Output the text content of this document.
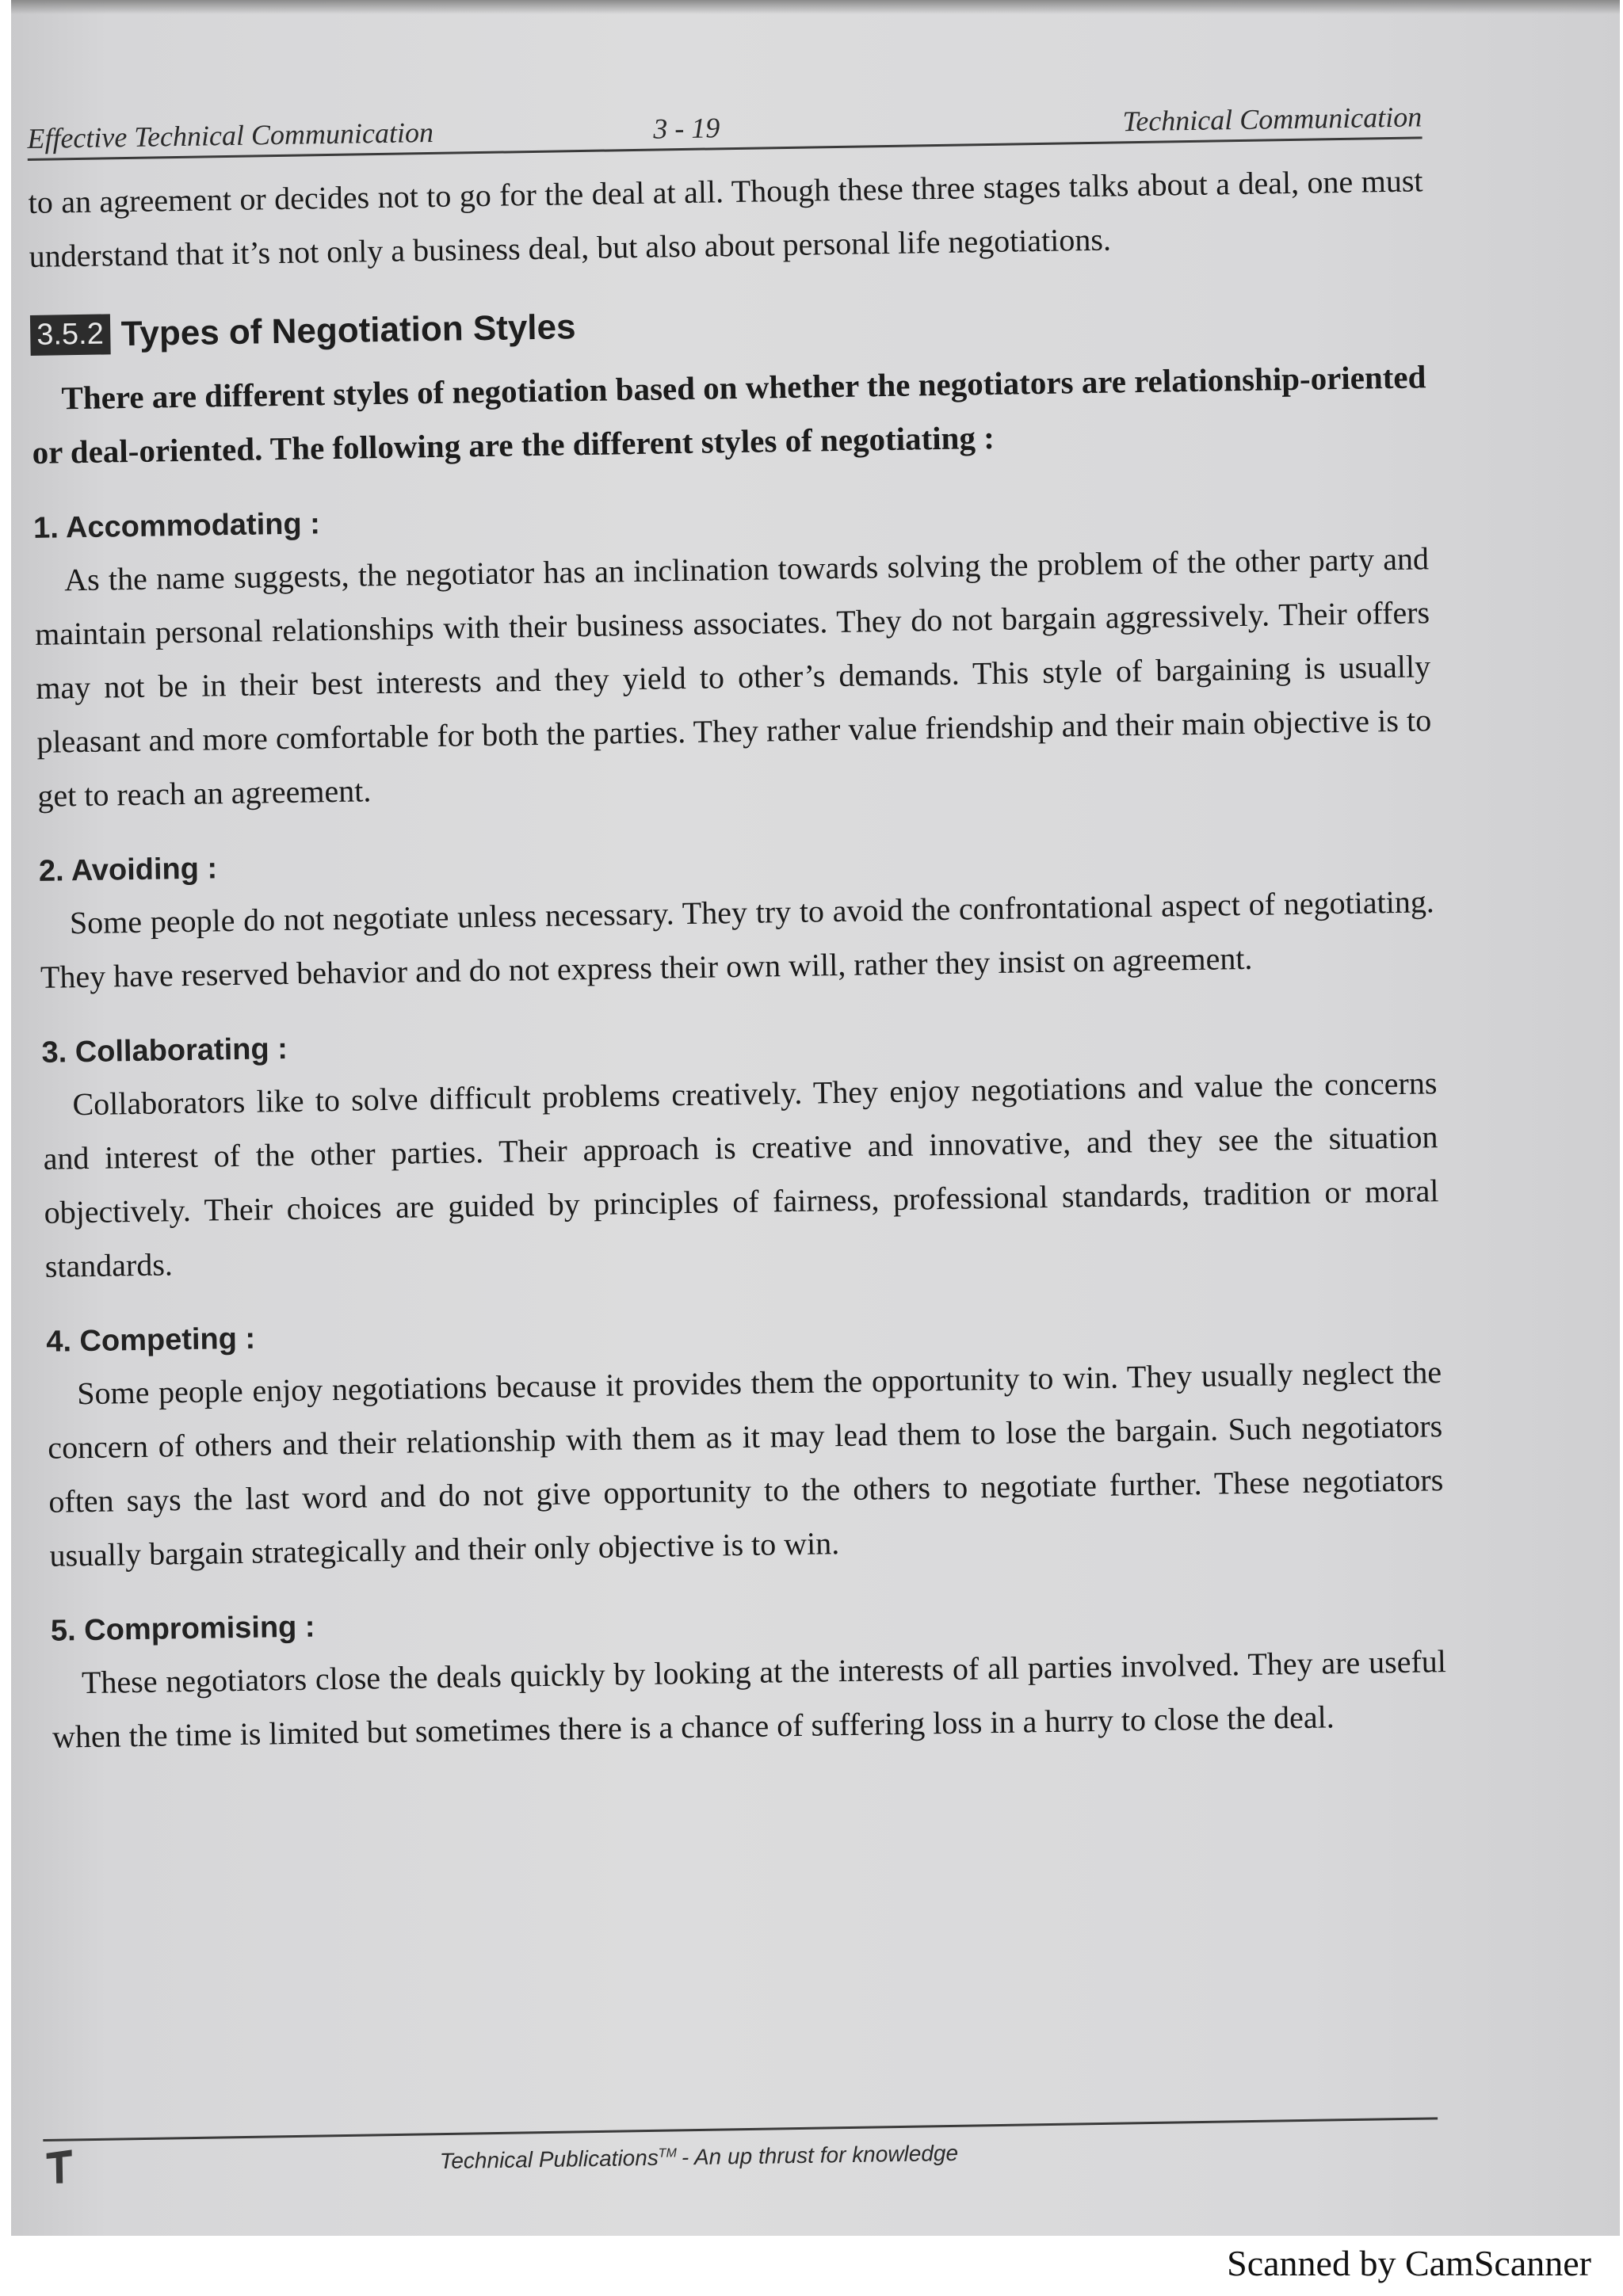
Effective Technical Communication	3 - 19	Technical Communication

to an agreement or decides not to go for the deal at all. Though these three stages talks about a deal, one must understand that it’s not only a business deal, but also about personal life negotiations.

3.5.2 Types of Negotiation Styles

There are different styles of negotiation based on whether the negotiators are relationship-oriented or deal-oriented. The following are the different styles of negotiating :

1. Accommodating :

As the name suggests, the negotiator has an inclination towards solving the problem of the other party and maintain personal relationships with their business associates. They do not bargain aggressively. Their offers may not be in their best interests and they yield to other’s demands. This style of bargaining is usually pleasant and more comfortable for both the parties. They rather value friendship and their main objective is to get to reach an agreement.

2. Avoiding :

Some people do not negotiate unless necessary. They try to avoid the confrontational aspect of negotiating. They have reserved behavior and do not express their own will, rather they insist on agreement.

3. Collaborating :

Collaborators like to solve difficult problems creatively. They enjoy negotiations and value the concerns and interest of the other parties. Their approach is creative and innovative, and they see the situation objectively. Their choices are guided by principles of fairness, professional standards, tradition or moral standards.

4. Competing :

Some people enjoy negotiations because it provides them the opportunity to win. They usually neglect the concern of others and their relationship with them as it may lead them to lose the bargain. Such negotiators often says the last word and do not give opportunity to the others to negotiate further. These negotiators usually bargain strategically and their only objective is to win.

5. Compromising :

These negotiators close the deals quickly by looking at the interests of all parties involved. They are useful when the time is limited but sometimes there is a chance of suffering loss in a hurry to close the deal.

Technical Publications™ - An up thrust for knowledge
Scanned by CamScanner
